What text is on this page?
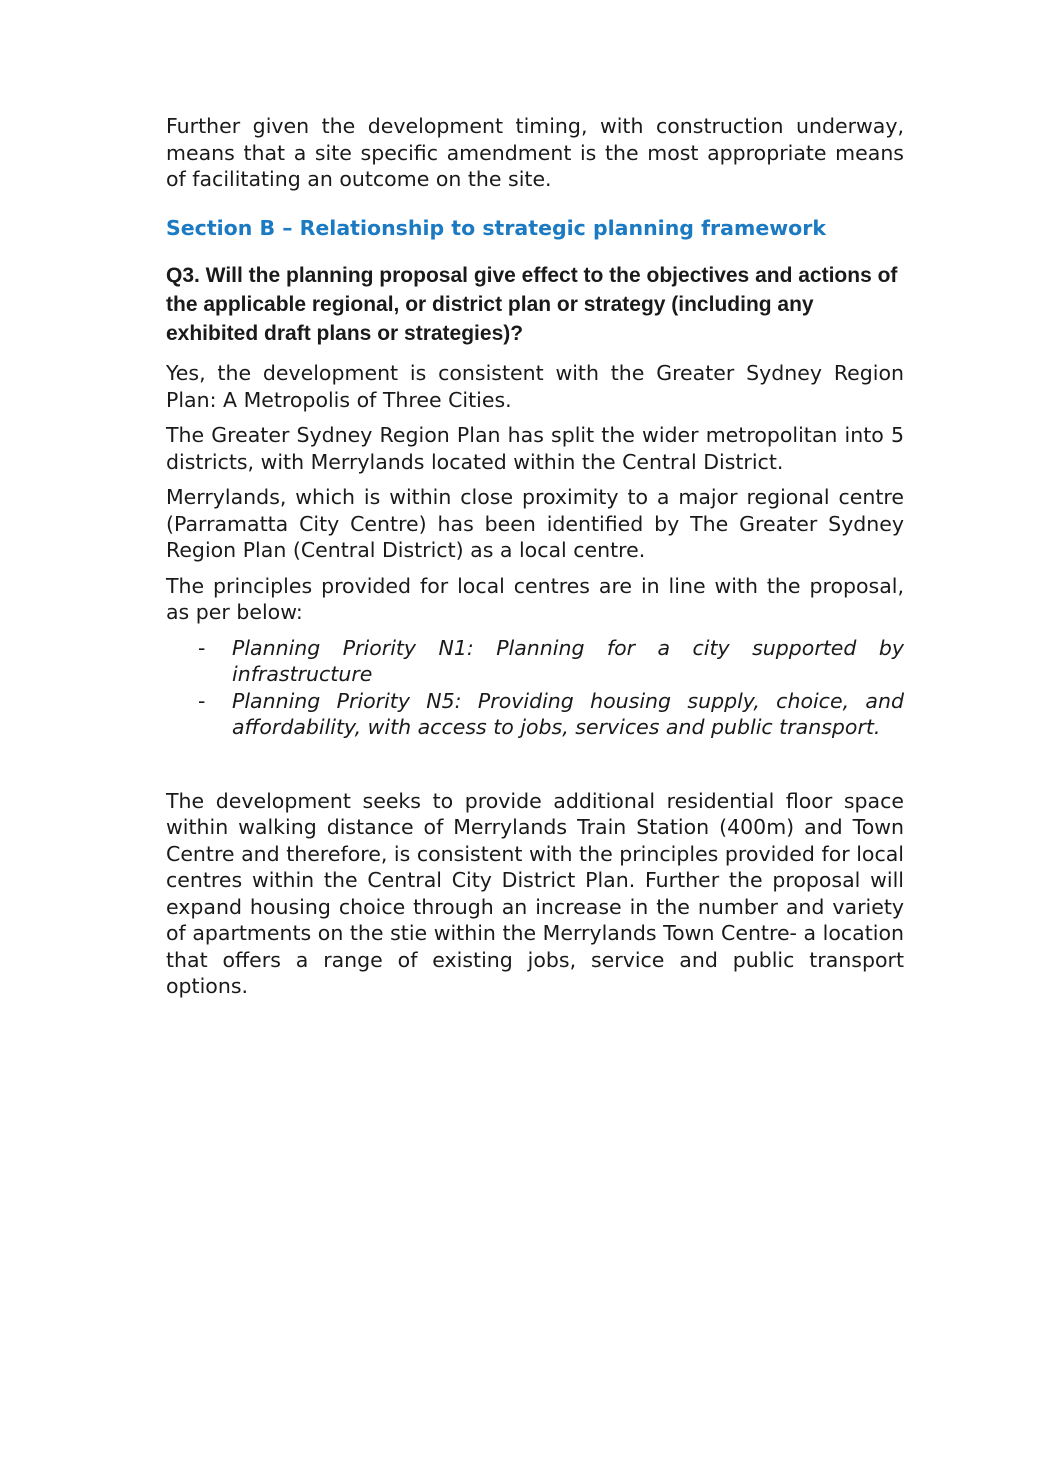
Further given the development timing, with construction underway, means that a site specific amendment is the most appropriate means of facilitating an outcome on the site.

Section B – Relationship to strategic planning framework
Q3. Will the planning proposal give effect to the objectives and actions of the applicable regional, or district plan or strategy (including any exhibited draft plans or strategies)?

Yes, the development is consistent with the Greater Sydney Region Plan: A Metropolis of Three Cities.

The Greater Sydney Region Plan has split the wider metropolitan into 5 districts, with Merrylands located within the Central District.

Merrylands, which is within close proximity to a major regional centre (Parramatta City Centre) has been identified by The Greater Sydney Region Plan (Central District) as a local centre.

The principles provided for local centres are in line with the proposal, as per below:

-	Planning Priority N1: Planning for a city supported by infrastructure
-	Planning Priority N5: Providing housing supply, choice, and affordability, with access to jobs, services and public transport.

The development seeks to provide additional residential floor space within walking distance of Merrylands Train Station (400m) and Town Centre and therefore, is consistent with the principles provided for local centres within the Central City District Plan. Further the proposal will expand housing choice through an increase in the number and variety of apartments on the stie within the Merrylands Town Centre- a location that offers a range of existing jobs, service and public transport options.
